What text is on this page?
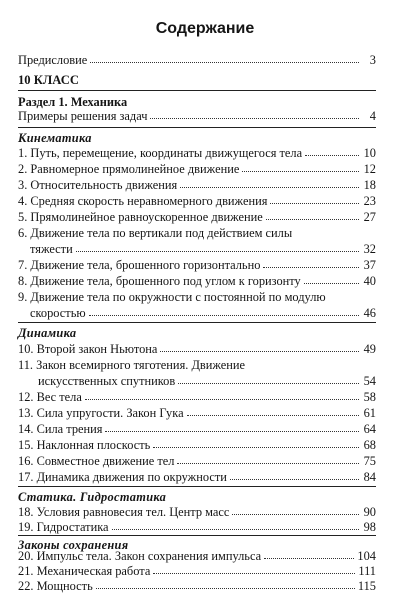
Содержание
Предисловие	3
10 КЛАСС
Раздел 1. Механика
Примеры решения задач	4
Кинематика
1. Путь, перемещение, координаты движущегося тела	10
2. Равномерное прямолинейное движение	12
3. Относительность движения	18
4. Средняя скорость неравномерного движения	23
5. Прямолинейное равноускоренное движение	27
6. Движение тела по вертикали под действием силы
тяжести	32
7. Движение тела, брошенного горизонтально	37
8. Движение тела, брошенного под углом к горизонту	40
9. Движение тела по окружности с постоянной по модулю
скоростью	46
Динамика
10. Второй закон Ньютона	49
11. Закон всемирного тяготения. Движение
искусственных спутников	54
12. Вес тела	58
13. Сила упругости. Закон Гука	61
14. Сила трения	64
15. Наклонная плоскость	68
16. Совместное движение тел	75
17. Динамика движения по окружности	84
Статика. Гидростатика
18. Условия равновесия тел. Центр масс	90
19. Гидростатика	98
Законы сохранения
20. Импульс тела. Закон сохранения импульса	104
21. Механическая работа	111
22. Мощность	115
